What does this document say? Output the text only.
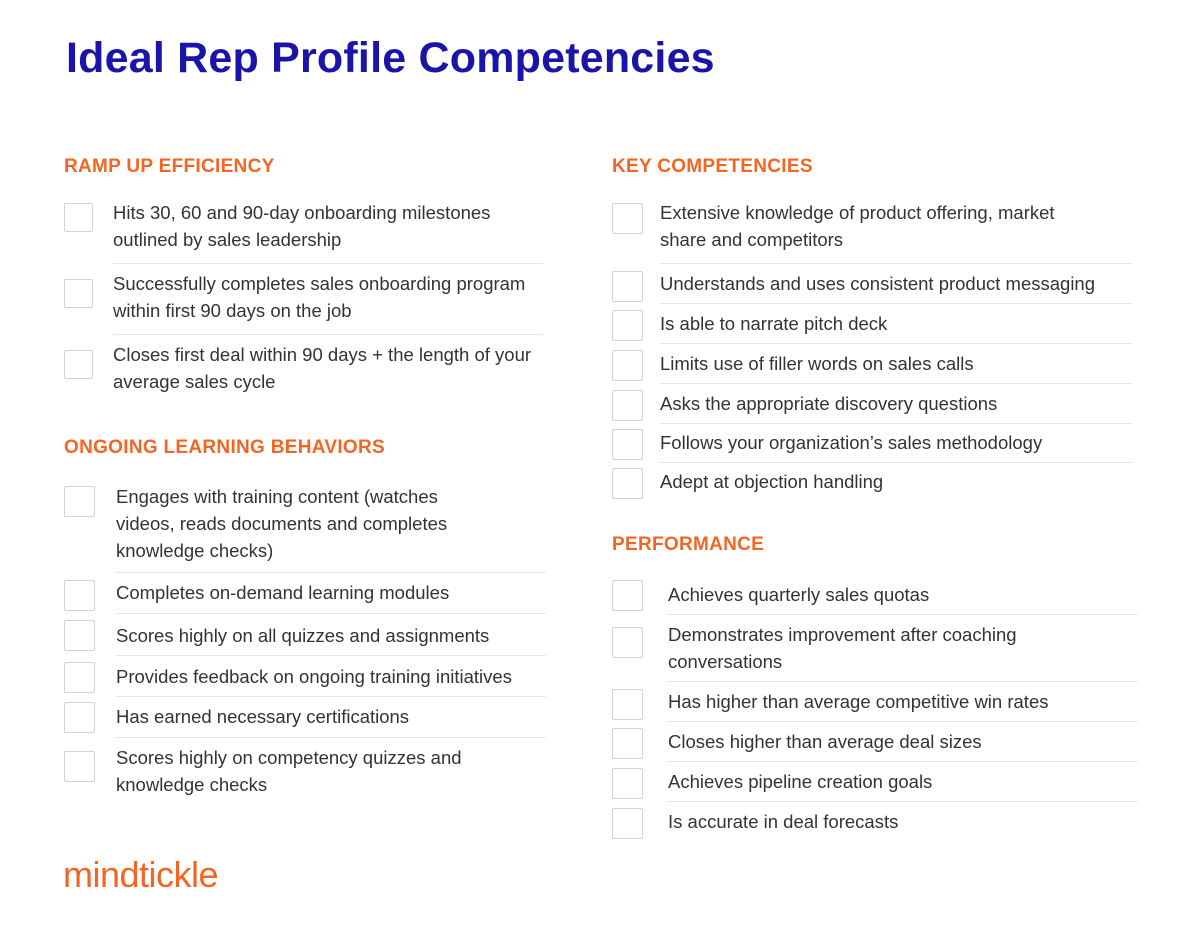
Ideal Rep Profile Competencies
RAMP UP EFFICIENCY
Hits 30, 60 and 90-day onboarding milestones outlined by sales leadership
Successfully completes sales onboarding program within first 90 days on the job
Closes first deal within 90 days + the length of your average sales cycle
ONGOING LEARNING BEHAVIORS
Engages with training content (watches videos, reads documents and completes knowledge checks)
Completes on-demand learning modules
Scores highly on all quizzes and assignments
Provides feedback on ongoing training initiatives
Has earned necessary certifications
Scores highly on competency quizzes and knowledge checks
KEY COMPETENCIES
Extensive knowledge of product offering, market share and competitors
Understands and uses consistent product messaging
Is able to narrate pitch deck
Limits use of filler words on sales calls
Asks the appropriate discovery questions
Follows your organization’s sales methodology
Adept at objection handling
PERFORMANCE
Achieves quarterly sales quotas
Demonstrates improvement after coaching conversations
Has higher than average competitive win rates
Closes higher than average deal sizes
Achieves pipeline creation goals
Is accurate in deal forecasts
mindtickle
